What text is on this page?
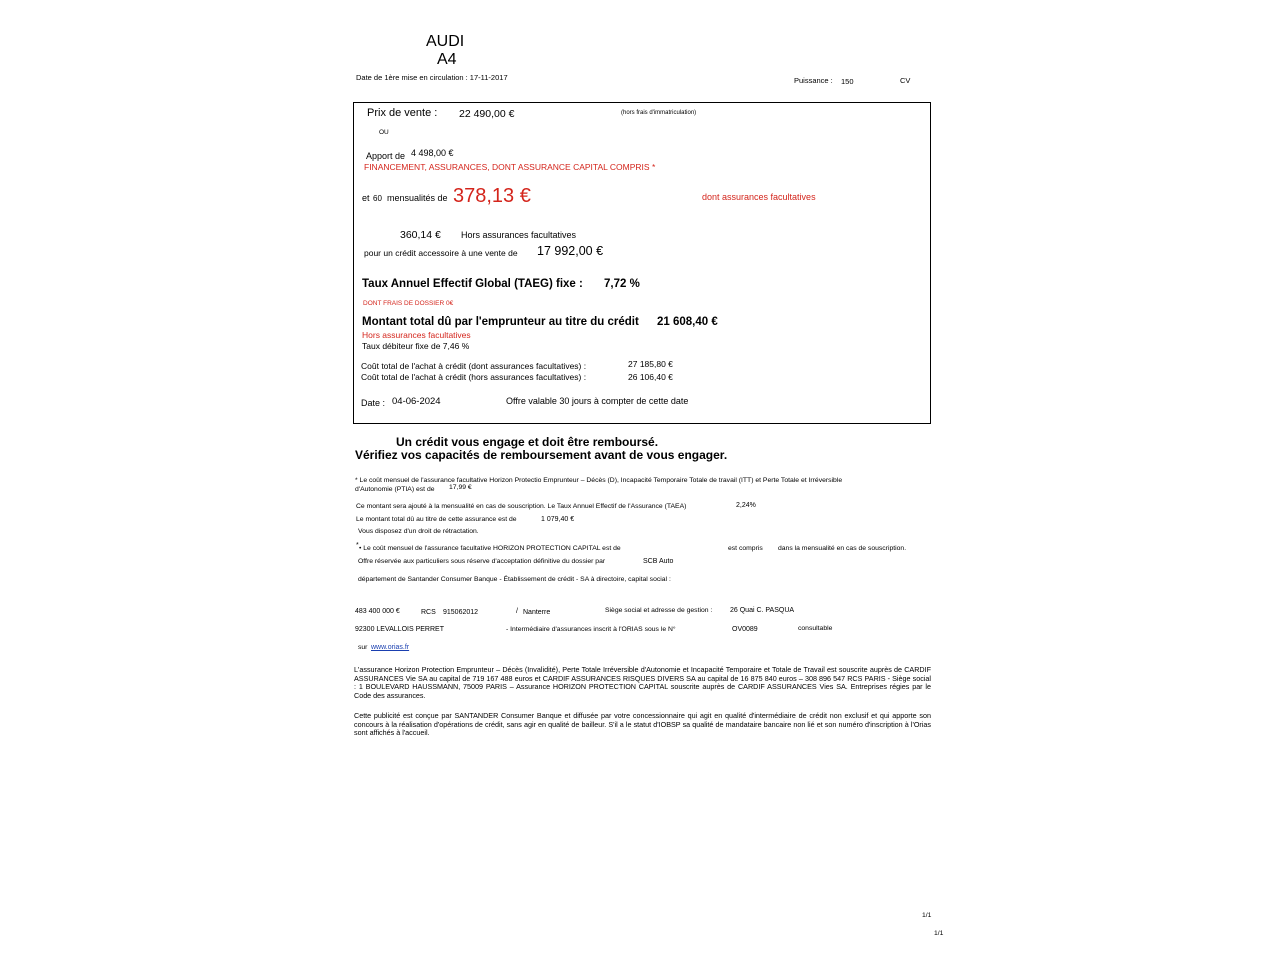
AUDI
A4
Date de 1ère mise en circulation : 17-11-2017	Puissance : 150	CV
Prix de vente : 22 490,00 €	(hors frais d'immatriculation)
OU
Apport de 4 498,00 €
FINANCEMENT, ASSURANCES, DONT ASSURANCE CAPITAL COMPRIS *
et 60 mensualités de 378,13 €	dont assurances facultatives
360,14 € Hors assurances facultatives
pour un crédit accessoire à une vente de 17 992,00 €
Taux Annuel Effectif Global (TAEG) fixe : 7,72 %
DONT FRAIS DE DOSSIER 0€
Montant total dû par l'emprunteur au titre du crédit 21 608,40 €
Hors assurances facultatives
Taux débiteur fixe de 7,46 %
Coût total de l'achat à crédit (dont assurances facultatives) :	27 185,80 €
Coût total de l'achat à crédit (hors assurances facultatives) :	26 106,40 €
Date : 04-06-2024	Offre valable 30 jours à compter de cette date
Un crédit vous engage et doit être remboursé.
Vérifiez vos capacités de remboursement avant de vous engager.
* Le coût mensuel de l'assurance facultative Horizon Protectio Emprunteur – Décès (D), Incapacité Temporaire Totale de travail (ITT) et Perte Totale et Irréversible
d'Autonomie (PTIA) est de 17,99 €
Ce montant sera ajouté à la mensualité en cas de souscription. Le Taux Annuel Effectif de l'Assurance (TAEA)	2,24%
Le montant total dû au titre de cette assurance est de	1 079,40 €
Vous disposez d'un droit de rétractation.
* • Le coût mensuel de l'assurance facultative HORIZON PROTECTION CAPITAL est de	est compris dans la mensualité en cas de souscription.
Offre réservée aux particuliers sous réserve d'acceptation définitive du dossier par	SCB Auto
département de Santander Consumer Banque - Établissement de crédit - SA à directoire, capital social :
483 400 000 €	RCS 915062012	/ Nanterre	Siège social et adresse de gestion :	26 Quai C. PASQUA
92300 LEVALLOIS PERRET	- Intermédiaire d'assurances inscrit à l'ORIAS sous le N°	OV0089	consultable
sur www.orias.fr
L'assurance Horizon Protection Emprunteur – Décès (Invalidité), Perte Totale Irréversible d'Autonomie et Incapacité Temporaire et Totale de Travail est souscrite auprès de CARDIF ASSURANCES Vie SA au capital de 719 167 488 euros et CARDIF ASSURANCES RISQUES DIVERS SA au capital de 16 875 840 euros – 308 896 547 RCS PARIS - Siège social : 1 BOULEVARD HAUSSMANN, 75009 PARIS – Assurance HORIZON PROTECTION CAPITAL souscrite auprès de CARDIF ASSURANCES Vies SA. Entreprises régies par le Code des assurances.
Cette publicité est conçue par SANTANDER Consumer Banque et diffusée par votre concessionnaire qui agit en qualité d'intermédiaire de crédit non exclusif et qui apporte son concours à la réalisation d'opérations de crédit, sans agir en qualité de bailleur. S'il a le statut d'IOBSP sa qualité de mandataire bancaire non lié et son numéro d'inscription à l'Orias sont affichés à l'accueil.
1/1
1/1
